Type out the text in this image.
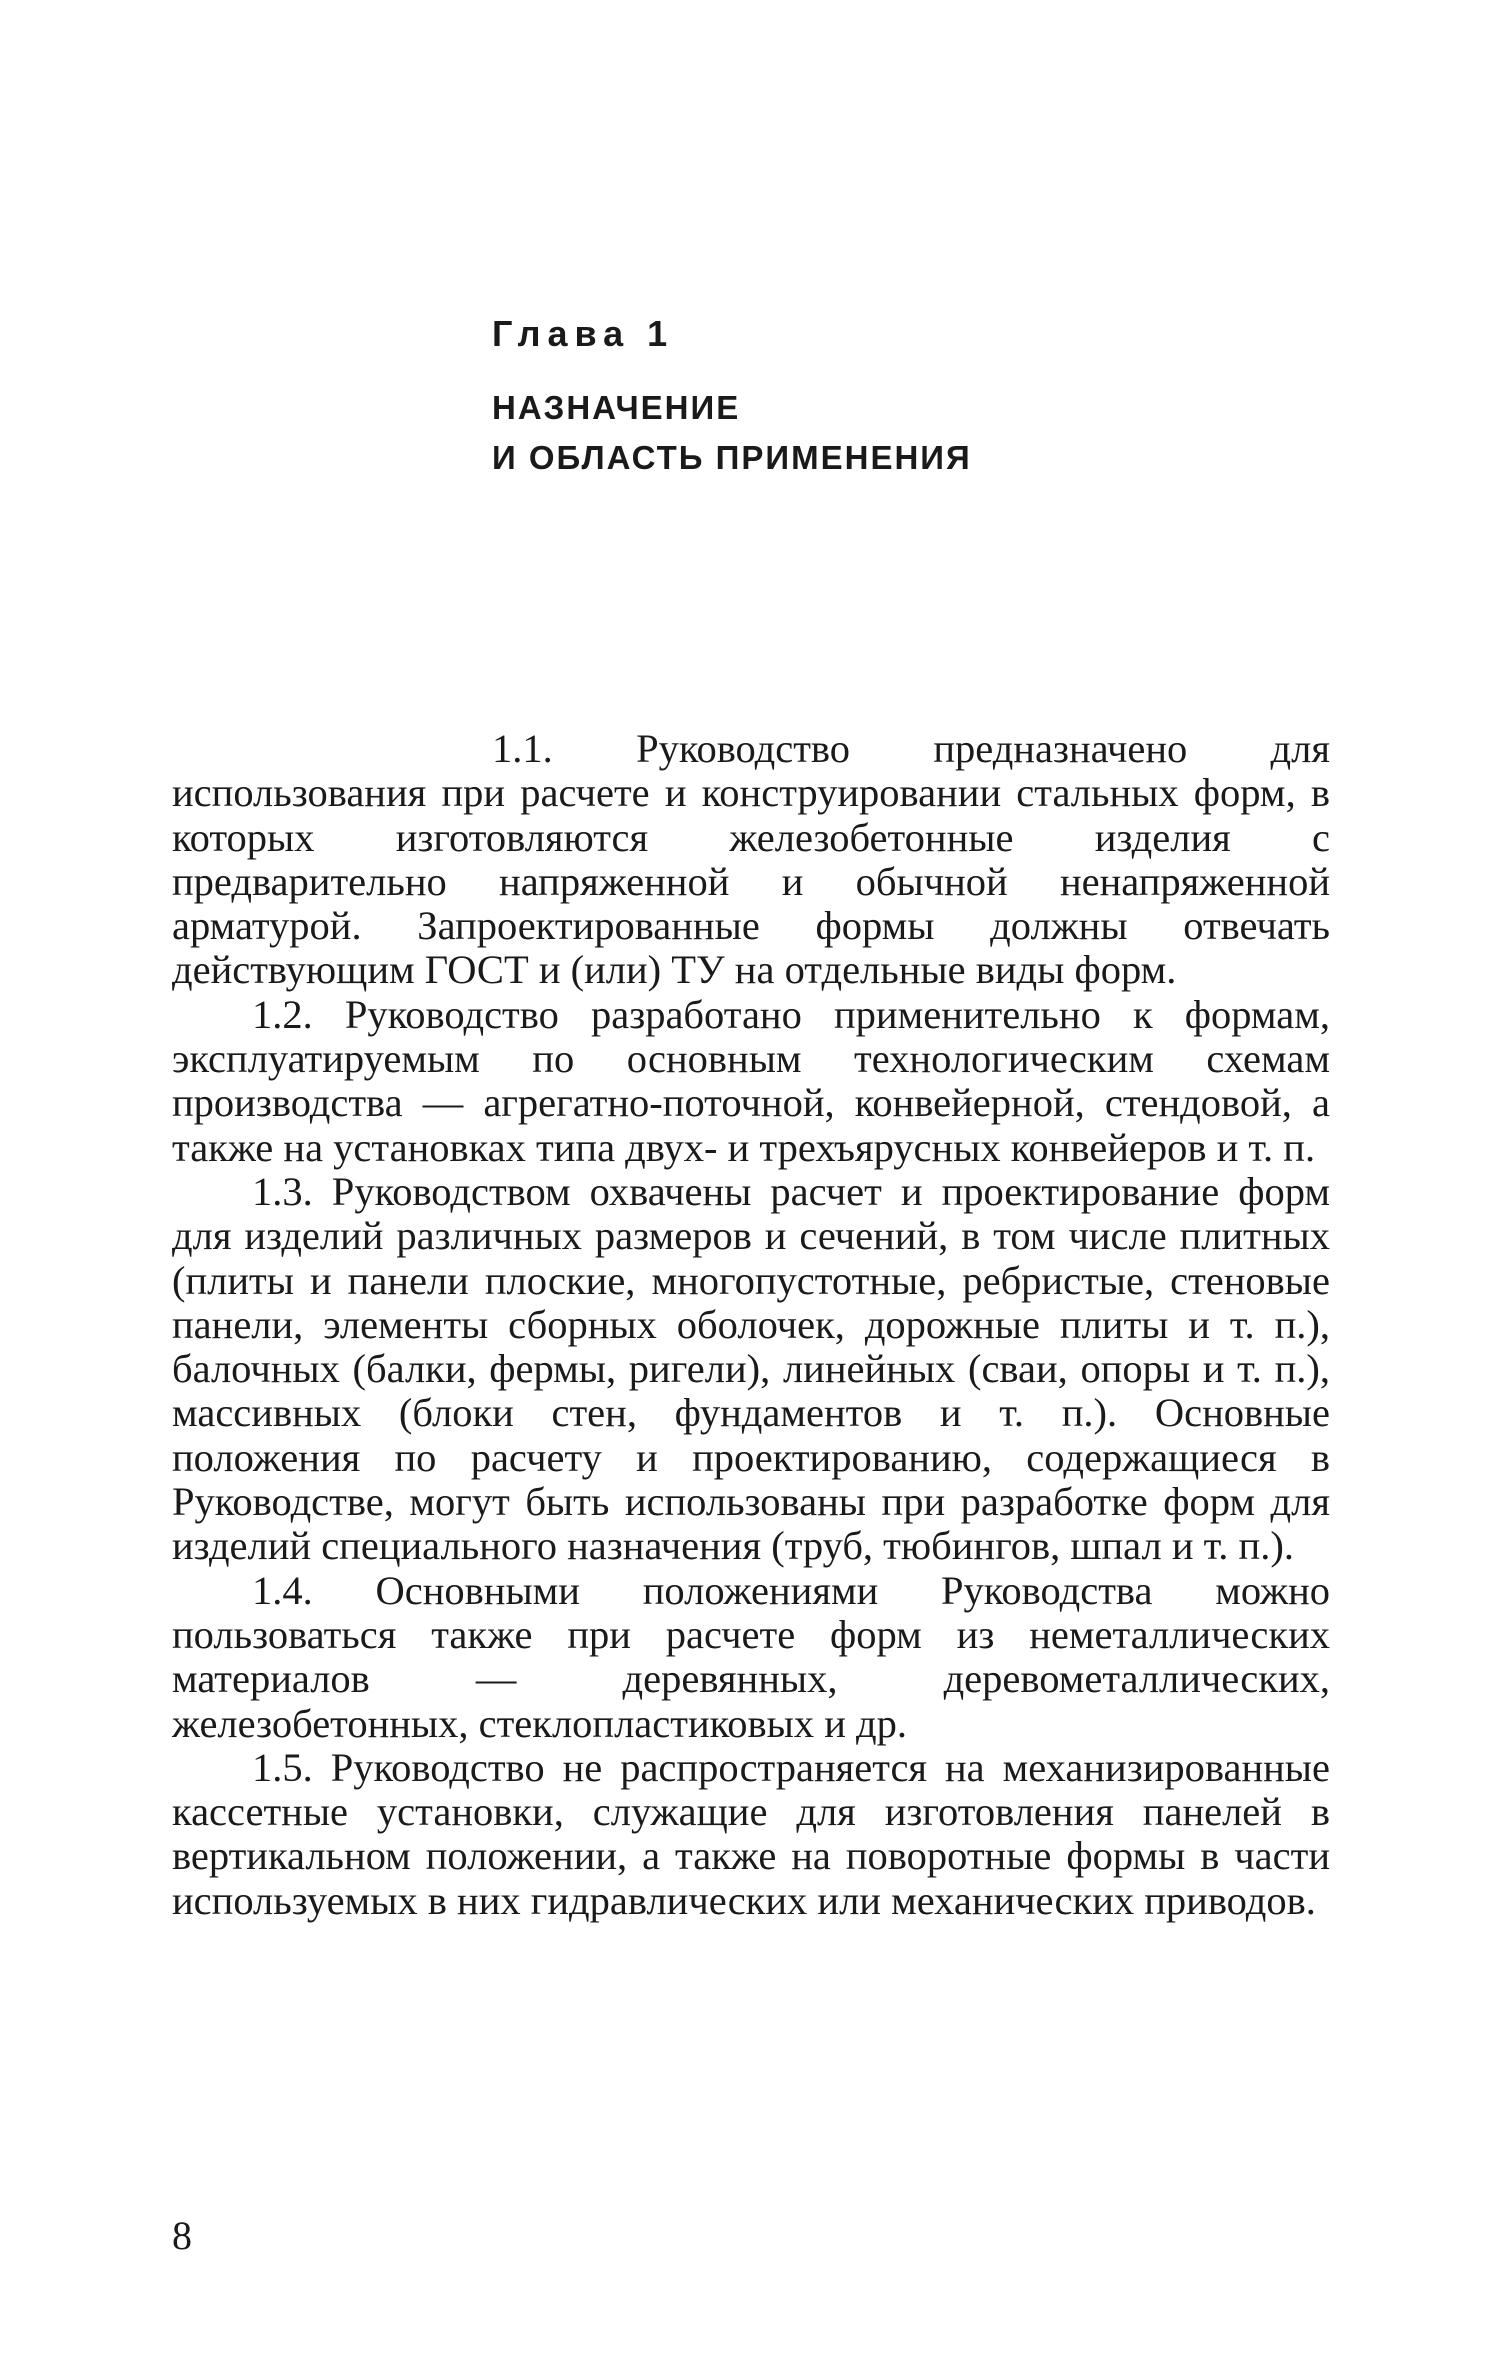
Глава 1
НАЗНАЧЕНИЕ
И ОБЛАСТЬ ПРИМЕНЕНИЯ

1.1. Руководство предназначено для использования при расчете и конструировании стальных форм, в которых изготовляются железобетонные изделия с предварительно напряженной и обычной ненапряженной арматурой. Запроектированные формы должны отвечать действующим ГОСТ и (или) ТУ на отдельные виды форм.

1.2. Руководство разработано применительно к формам, эксплуатируемым по основным технологическим схемам производства — агрегатно-поточной, конвейерной, стендовой, а также на установках типа двух- и трехъярусных конвейеров и т. п.

1.3. Руководством охвачены расчет и проектирование форм для изделий различных размеров и сечений, в том числе плитных (плиты и панели плоские, многопустотные, ребристые, стеновые панели, элементы сборных оболочек, дорожные плиты и т. п.), балочных (балки, фермы, ригели), линейных (сваи, опоры и т. п.), массивных (блоки стен, фундаментов и т. п.). Основные положения по расчету и проектированию, содержащиеся в Руководстве, могут быть использованы при разработке форм для изделий специального назначения (труб, тюбингов, шпал и т. п.).

1.4. Основными положениями Руководства можно пользоваться также при расчете форм из неметаллических материалов — деревянных, деревометаллических, железобетонных, стеклопластиковых и др.

1.5. Руководство не распространяется на механизированные кассетные установки, служащие для изготовления панелей в вертикальном положении, а также на поворотные формы в части используемых в них гидравлических или механических приводов.

8
